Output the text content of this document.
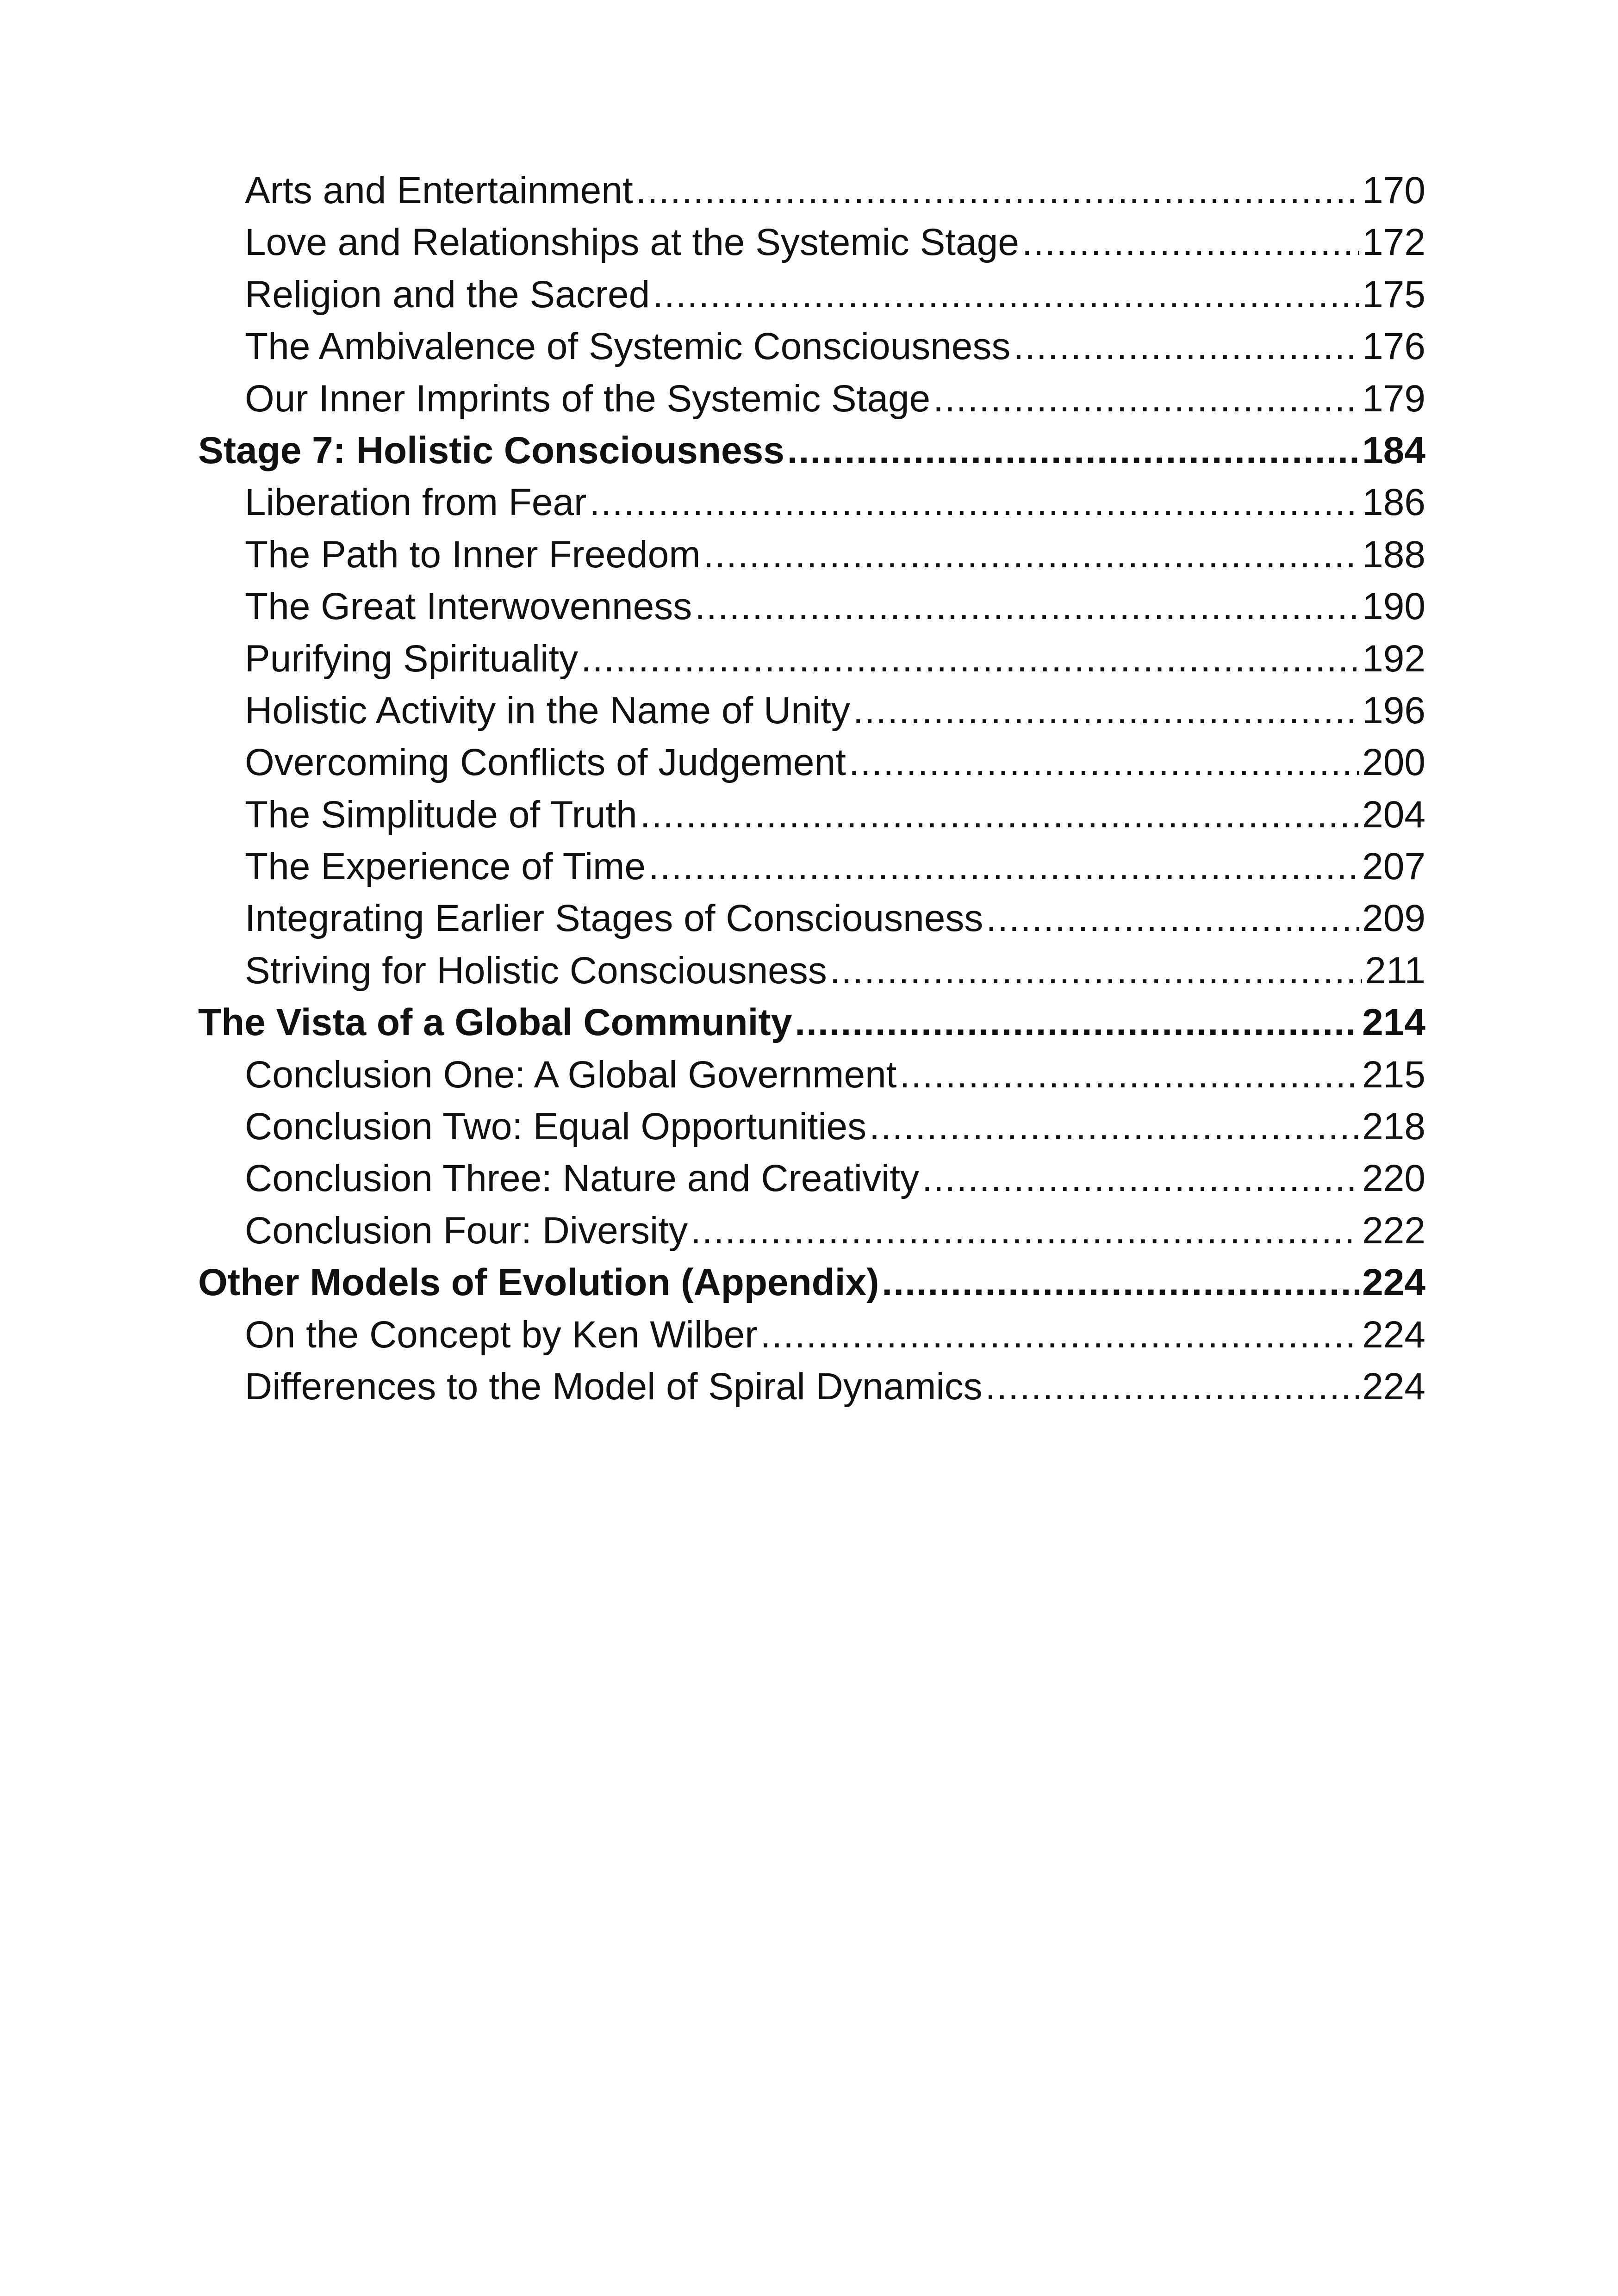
Arts and Entertainment .....	170
Love and Relationships at the Systemic Stage .....	172
Religion and the Sacred .....	175
The Ambivalence of Systemic Consciousness .....	176
Our Inner Imprints of the Systemic Stage .....	179
Stage 7: Holistic Consciousness .....	184
Liberation from Fear .....	186
The Path to Inner Freedom .....	188
The Great Interwovenness .....	190
Purifying Spirituality .....	192
Holistic Activity in the Name of Unity .....	196
Overcoming Conflicts of Judgement .....	200
The Simplitude of Truth .....	204
The Experience of Time .....	207
Integrating Earlier Stages of Consciousness .....	209
Striving for Holistic Consciousness .....	211
The Vista of a Global Community .....	214
Conclusion One: A Global Government .....	215
Conclusion Two: Equal Opportunities .....	218
Conclusion Three: Nature and Creativity .....	220
Conclusion Four: Diversity .....	222
Other Models of Evolution (Appendix) .....	224
On the Concept by Ken Wilber .....	224
Differences to the Model of Spiral Dynamics .....	224
